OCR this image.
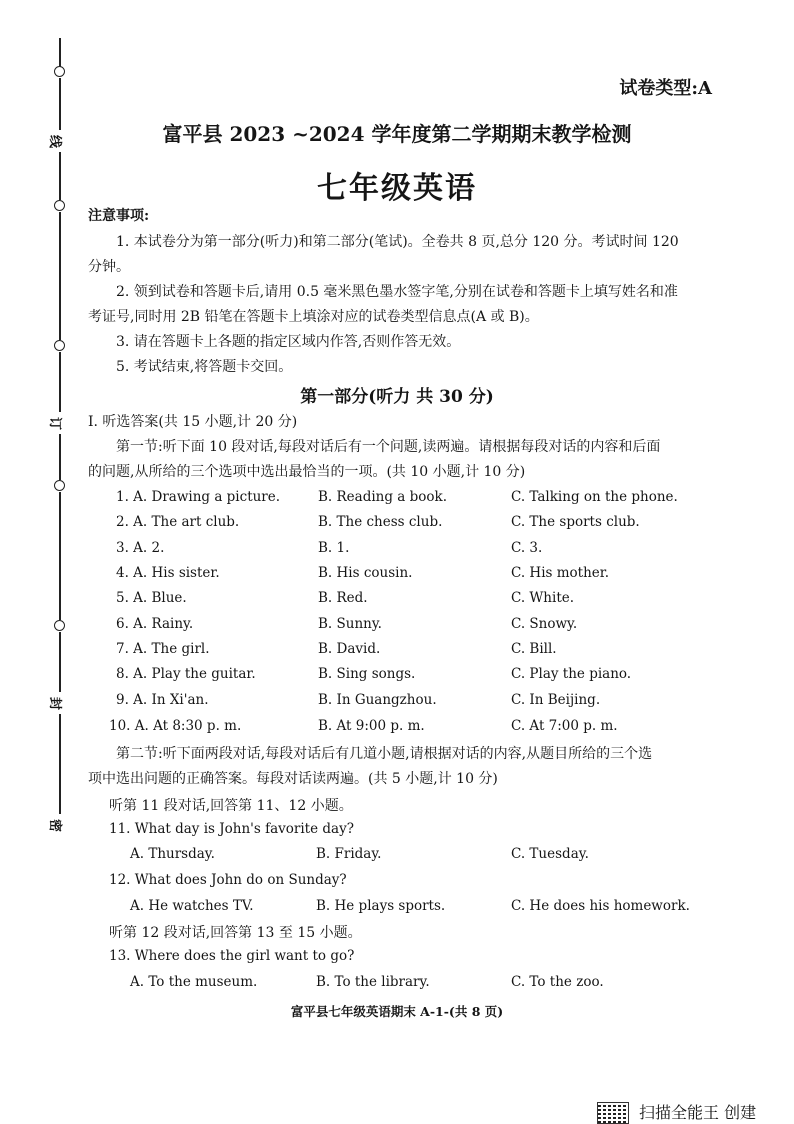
线
订
封
密
试卷类型:A
富平县 2023 ~2024 学年度第二学期期末教学检测
七年级英语
注意事项:
1. 本试卷分为第一部分(听力)和第二部分(笔试)。全卷共 8 页,总分 120 分。考试时间 120
分钟。
2. 领到试卷和答题卡后,请用 0.5 毫米黑色墨水签字笔,分别在试卷和答题卡上填写姓名和准
考证号,同时用 2B 铅笔在答题卡上填涂对应的试卷类型信息点(A 或 B)。
3. 请在答题卡上各题的指定区域内作答,否则作答无效。
5. 考试结束,将答题卡交回。
第一部分(听力 共 30 分)
Ⅰ. 听选答案(共 15 小题,计 20 分)
第一节:听下面 10 段对话,每段对话后有一个问题,读两遍。请根据每段对话的内容和后面
的问题,从所给的三个选项中选出最恰当的一项。(共 10 小题,计 10 分)
1. A. Drawing a picture.	B. Reading a book.	C. Talking on the phone.
2. A. The art club.	B. The chess club.	C. The sports club.
3. A. 2.	B. 1.	C. 3.
4. A. His sister.	B. His cousin.	C. His mother.
5. A. Blue.	B. Red.	C. White.
6. A. Rainy.	B. Sunny.	C. Snowy.
7. A. The girl.	B. David.	C. Bill.
8. A. Play the guitar.	B. Sing songs.	C. Play the piano.
9. A. In Xi'an.	B. In Guangzhou.	C. In Beijing.
10. A. At 8:30 p. m.	B. At 9:00 p. m.	C. At 7:00 p. m.
第二节:听下面两段对话,每段对话后有几道小题,请根据对话的内容,从题目所给的三个选
项中选出问题的正确答案。每段对话读两遍。(共 5 小题,计 10 分)
听第 11 段对话,回答第 11、12 小题。
11. What day is John's favorite day?
A. Thursday.	B. Friday.	C. Tuesday.
12. What does John do on Sunday?
A. He watches TV.	B. He plays sports.	C. He does his homework.
听第 12 段对话,回答第 13 至 15 小题。
13. Where does the girl want to go?
A. To the museum.	B. To the library.	C. To the zoo.
富平县七年级英语期末 A-1-(共 8 页)
扫描全能王 创建
